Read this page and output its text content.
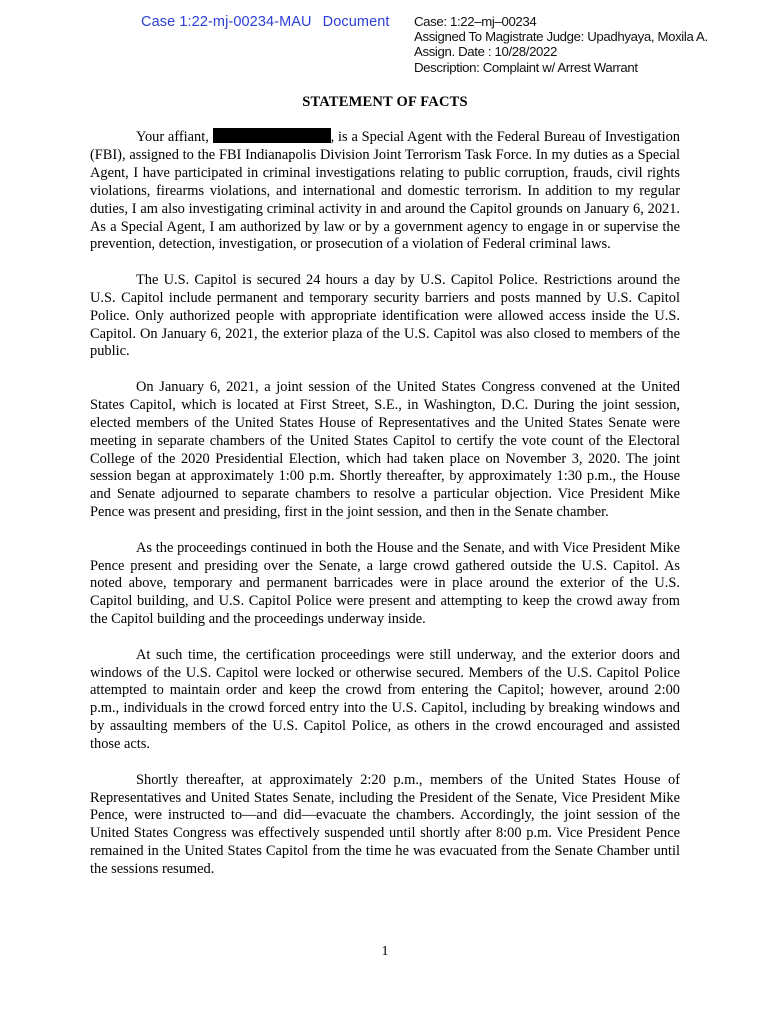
Case 1:22-mj-00234-MAU Document	Case: 1:22–mj–00234
Assigned To Magistrate Judge: Upadhyaya, Moxila A.
Assign. Date : 10/28/2022
Description: Complaint w/ Arrest Warrant
STATEMENT OF FACTS

Your affiant,	, is a Special Agent with the Federal Bureau of Investigation (FBI), assigned to the FBI Indianapolis Division Joint Terrorism Task Force. In my duties as a Special Agent, I have participated in criminal investigations relating to public corruption, frauds, civil rights violations, firearms violations, and international and domestic terrorism. In addition to my regular duties, I am also investigating criminal activity in and around the Capitol grounds on January 6, 2021. As a Special Agent, I am authorized by law or by a government agency to engage in or supervise the prevention, detection, investigation, or prosecution of a violation of Federal criminal laws.

The U.S. Capitol is secured 24 hours a day by U.S. Capitol Police. Restrictions around the U.S. Capitol include permanent and temporary security barriers and posts manned by U.S. Capitol Police. Only authorized people with appropriate identification were allowed access inside the U.S. Capitol. On January 6, 2021, the exterior plaza of the U.S. Capitol was also closed to members of the public.

On January 6, 2021, a joint session of the United States Congress convened at the United States Capitol, which is located at First Street, S.E., in Washington, D.C. During the joint session, elected members of the United States House of Representatives and the United States Senate were meeting in separate chambers of the United States Capitol to certify the vote count of the Electoral College of the 2020 Presidential Election, which had taken place on November 3, 2020. The joint session began at approximately 1:00 p.m. Shortly thereafter, by approximately 1:30 p.m., the House and Senate adjourned to separate chambers to resolve a particular objection. Vice President Mike Pence was present and presiding, first in the joint session, and then in the Senate chamber.

As the proceedings continued in both the House and the Senate, and with Vice President Mike Pence present and presiding over the Senate, a large crowd gathered outside the U.S. Capitol. As noted above, temporary and permanent barricades were in place around the exterior of the U.S. Capitol building, and U.S. Capitol Police were present and attempting to keep the crowd away from the Capitol building and the proceedings underway inside.

At such time, the certification proceedings were still underway, and the exterior doors and windows of the U.S. Capitol were locked or otherwise secured. Members of the U.S. Capitol Police attempted to maintain order and keep the crowd from entering the Capitol; however, around 2:00 p.m., individuals in the crowd forced entry into the U.S. Capitol, including by breaking windows and by assaulting members of the U.S. Capitol Police, as others in the crowd encouraged and assisted those acts.

Shortly thereafter, at approximately 2:20 p.m., members of the United States House of Representatives and United States Senate, including the President of the Senate, Vice President Mike Pence, were instructed to—and did—evacuate the chambers. Accordingly, the joint session of the United States Congress was effectively suspended until shortly after 8:00 p.m. Vice President Pence remained in the United States Capitol from the time he was evacuated from the Senate Chamber until the sessions resumed.

1
